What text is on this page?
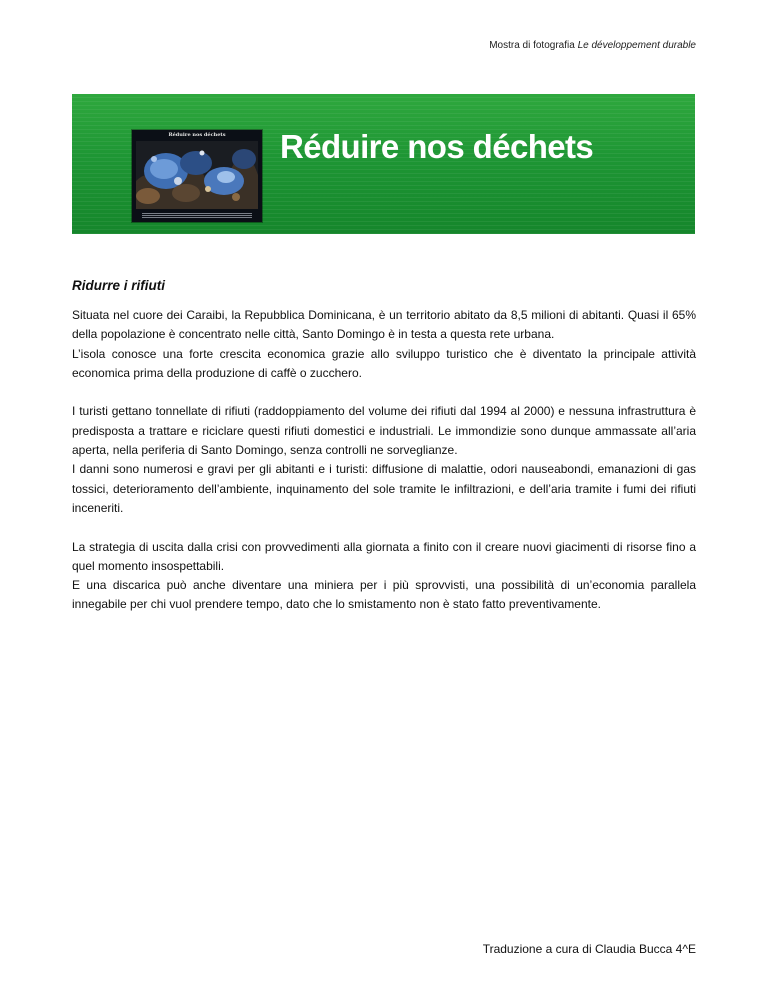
Mostra di fotografia Le développement durable
Réduire nos déchets	Réduire nos déchets
Ridurre i rifiuti

Situata nel cuore dei Caraibi, la Repubblica Dominicana, è un territorio abitato da 8,5 milioni di abitanti. Quasi il 65% della popolazione è concentrato nelle città, Santo Domingo è in testa a questa rete urbana.

L’isola conosce una forte crescita economica grazie allo sviluppo turistico che è diventato la principale attività economica prima della produzione di caffè o zucchero.

I turisti gettano tonnellate di rifiuti (raddoppiamento del volume dei rifiuti dal 1994 al 2000) e nessuna infrastruttura è predisposta a trattare e riciclare questi rifiuti domestici e industriali. Le immondizie sono dunque ammassate all’aria aperta, nella periferia di Santo Domingo, senza controlli ne sorveglianze.

I danni sono numerosi e gravi per gli abitanti e i turisti: diffusione di malattie, odori nauseabondi, emanazioni di gas tossici, deterioramento dell’ambiente, inquinamento del sole tramite le infiltrazioni, e dell’aria tramite i fumi dei rifiuti inceneriti.

La strategia di uscita dalla crisi con provvedimenti alla giornata a finito con il creare nuovi giacimenti di risorse fino a quel momento insospettabili.

E una discarica può anche diventare una miniera per i più sprovvisti, una possibilità di un’economia parallela innegabile per chi vuol prendere tempo, dato che lo smistamento non è stato fatto preventivamente.

Traduzione a cura di Claudia Bucca 4^E
